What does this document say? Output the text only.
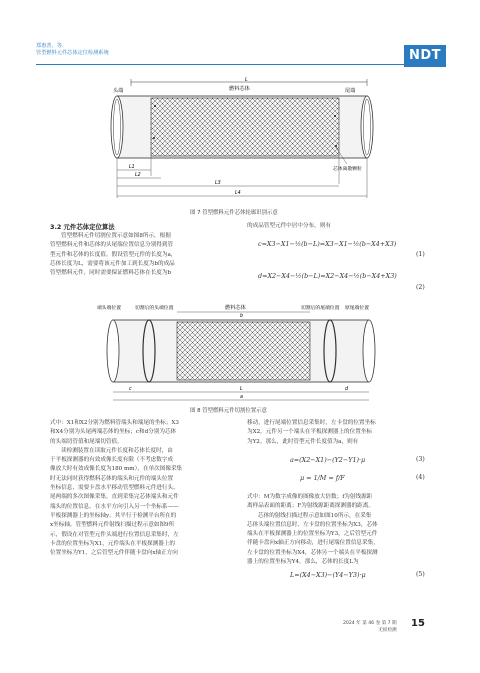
郑惠善，等.
管型燃料元件芯体定位检测系统	NDT
L
头端	燃料芯体	尾端
芯体离散颗粒
L1
L2
L3
L4
图 7 管型燃料元件芯体轮廓识别示意
3.2 元件芯体定位算法

管型燃料元件切割位置示意如图8所示，根据

管型燃料元件和芯体的头尾端位置信息分别得到管

型元件和芯体的长度值。假设管型元件的长度为a，

芯体长度为L，需要将该元件加工到长度为b的成品

管型燃料元件，同时需要保证燃料芯体在长度为b

的成品管型元件中居中分布，则有
c=X3−X1−½(b−L)=X3−X1−½(b−X4+X3)
(1)
d=X2−X4−½(b−L)=X2−X4−½(b−X4+X3)
(2)
端头端位置	切割后的头端位置	燃料芯体	切割后的尾端位置 原尾端位置
b
c	L	d
a
图 8 管型燃料元件切割位置示意

式中：X1和X2分别为燃料管端头和端尾的坐标；X3

和X4分别为头尾两端芯体的坐标；c和d分别为芯体

的头端切管值和尾端切管值。

读检测装置在读取元件长度和芯体长度时，由

于平板探测器的有效成像长度有限（不考虑数字成

像放大时有效成像长度为180 mm），在单次图像采集

时无法同时获得燃料芯体的端头和元件的端头位置

坐标信息，需要卡盘水平移动管型燃料元件进行头、

尾两端的多次图像采集，直到采集完芯体端头和元件

端头的位置信息。在水平方向引入另一个坐标系——

平板探测器上的坐标轴y，其平行于检测平台所在的

x坐标轴。管型燃料元件射线扫描过程示意如图9所

示，假设在对管型元件头端进行位置信息采集时，左

卡盘的位置坐标为X1，元件端头在平板探测器上的

位置坐标为Y1，之后管型元件伴随卡盘向x轴正方向

移动，进行尾端位置信息采集时，左卡盘的位置坐标

为X2，元件另一个端头在平板探测器上的位置坐标

为Y2。那么，此时管型元件长度值为a，则有

a=(X2−X1)−(Y2−Y1)·μ	(3)
μ = 1/M = f/F	(4)

式中：M为数字成像的图像放大倍数；f为射线源距

离样品表面的距离；F为射线源距离探测器的距离。

芯体的射线扫描过程示意如图10所示，在采集

芯体头端位置信息时，左卡盘的位置坐标为X3，芯体

端头在平板探测器上的位置坐标为Y3，之后管型元件

伴随卡盘向x轴正方向移动，进行尾端位置信息采集，

左卡盘的位置坐标为X4，芯体另一个端头在平板探测

器上的位置坐标为Y4。那么，芯体的长度L为

L=(X4−X3)−(Y4−Y3)·μ	(5)
2024 年 第 46 卷 第 7 期
无损检测
15
